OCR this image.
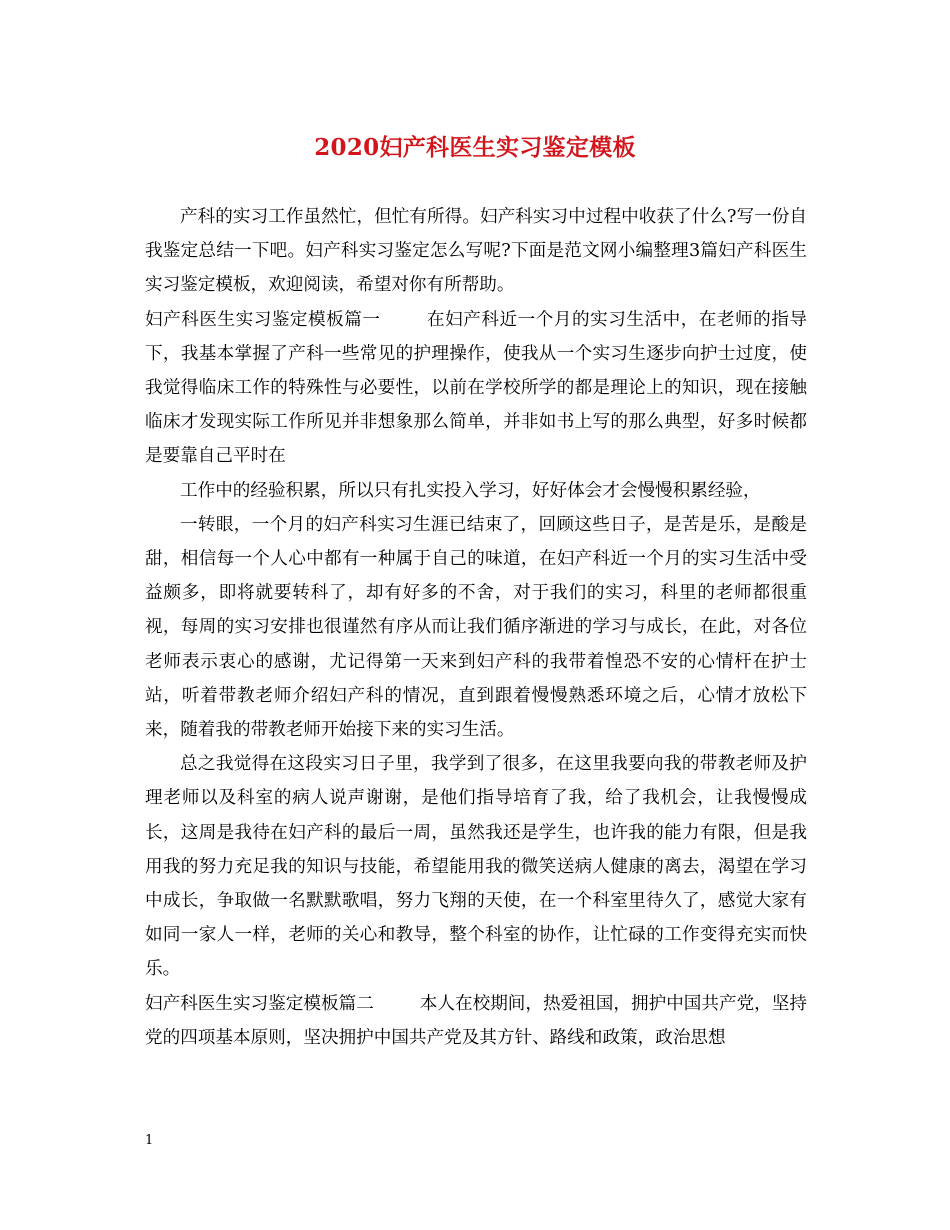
2020妇产科医生实习鉴定模板

产科的实习工作虽然忙，但忙有所得。妇产科实习中过程中收获了什么?写一份自我鉴定总结一下吧。妇产科实习鉴定怎么写呢?下面是范文网小编整理3篇妇产科医生实习鉴定模板，欢迎阅读，希望对你有所帮助。

妇产科医生实习鉴定模板篇一	在妇产科近一个月的实习生活中，在老师的指导下，我基本掌握了产科一些常见的护理操作，使我从一个实习生逐步向护士过度，使我觉得临床工作的特殊性与必要性，以前在学校所学的都是理论上的知识，现在接触临床才发现实际工作所见并非想象那么简单，并非如书上写的那么典型，好多时候都是要靠自己平时在

工作中的经验积累，所以只有扎实投入学习，好好体会才会慢慢积累经验，

一转眼，一个月的妇产科实习生涯已结束了，回顾这些日子，是苦是乐，是酸是甜，相信每一个人心中都有一种属于自己的味道，在妇产科近一个月的实习生活中受益颇多，即将就要转科了，却有好多的不舍，对于我们的实习，科里的老师都很重视，每周的实习安排也很谨然有序从而让我们循序渐进的学习与成长，在此，对各位老师表示衷心的感谢，尤记得第一天来到妇产科的我带着惶恐不安的心情杆在护士站，听着带教老师介绍妇产科的情况，直到跟着慢慢熟悉环境之后，心情才放松下来，随着我的带教老师开始接下来的实习生活。

总之我觉得在这段实习日子里，我学到了很多，在这里我要向我的带教老师及护理老师以及科室的病人说声谢谢，是他们指导培育了我，给了我机会，让我慢慢成长，这周是我待在妇产科的最后一周，虽然我还是学生，也许我的能力有限，但是我用我的努力充足我的知识与技能，希望能用我的微笑送病人健康的离去，渴望在学习中成长，争取做一名默默歌唱，努力飞翔的天使，在一个科室里待久了，感觉大家有如同一家人一样，老师的关心和教导，整个科室的协作，让忙碌的工作变得充实而快乐。

妇产科医生实习鉴定模板篇二	本人在校期间，热爱祖国，拥护中国共产党，坚持党的四项基本原则，坚决拥护中国共产党及其方针、路线和政策，政治思想

1
